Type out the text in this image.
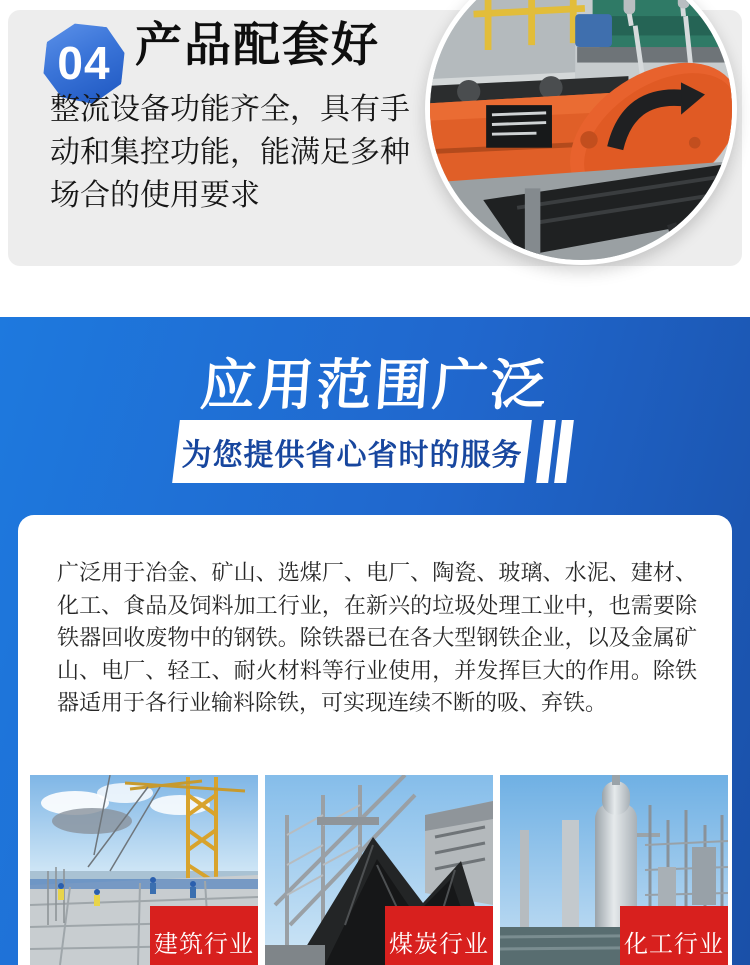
04 产品配套好
整流设备功能齐全，具有手动和集控功能，能满足多种场合的使用要求
应用范围广泛
为您提供省心省时的服务
广泛用于冶金、矿山、选煤厂、电厂、陶瓷、玻璃、水泥、建材、化工、食品及饲料加工行业，在新兴的垃圾处理工业中，也需要除铁器回收废物中的钢铁。除铁器已在各大型钢铁企业，以及金属矿山、电厂、轻工、耐火材料等行业使用，并发挥巨大的作用。除铁器适用于各行业输料除铁，可实现连续不断的吸、弃铁。
建筑行业	煤炭行业	化工行业
